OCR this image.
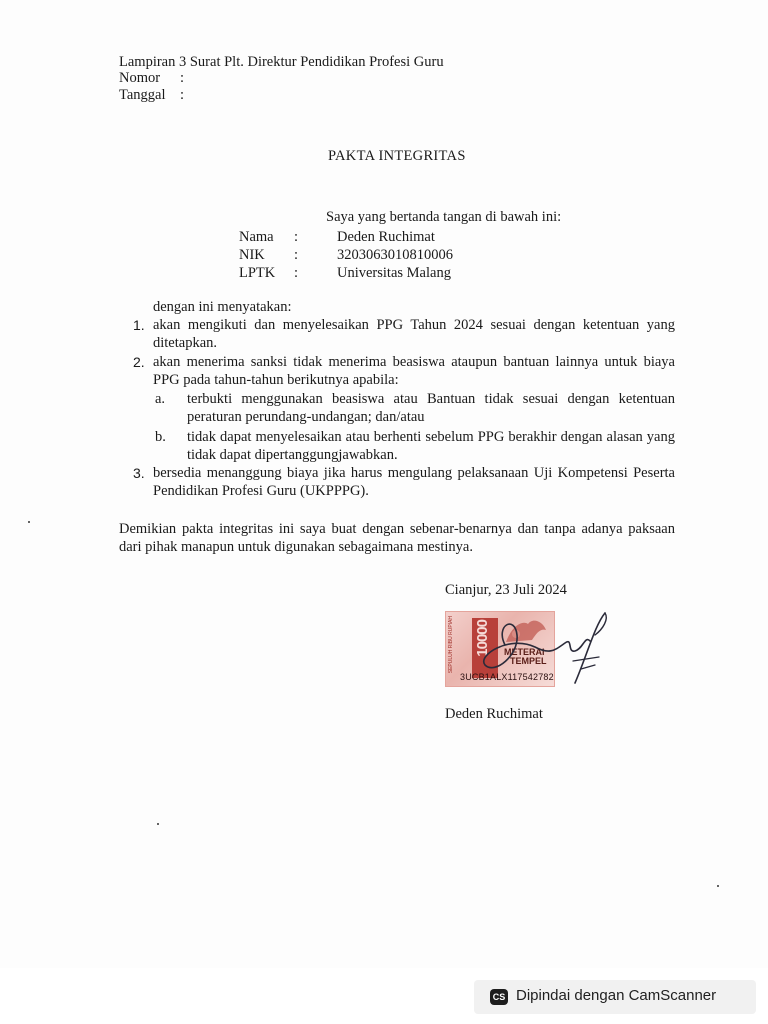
Lampiran 3 Surat Plt. Direktur Pendidikan Profesi Guru
Nomor :
Tanggal :
PAKTA INTEGRITAS
Saya yang bertanda tangan di bawah ini:
Nama :	Deden Ruchimat
NIK :	3203063010810006
LPTK :	Universitas Malang
dengan ini menyatakan:
1. akan mengikuti dan menyelesaikan PPG Tahun 2024 sesuai dengan ketentuan yang ditetapkan.
2. akan menerima sanksi tidak menerima beasiswa ataupun bantuan lainnya untuk biaya PPG pada tahun-tahun berikutnya apabila:
a. terbukti menggunakan beasiswa atau Bantuan tidak sesuai dengan ketentuan peraturan perundang-undangan; dan/atau
b. tidak dapat menyelesaikan atau berhenti sebelum PPG berakhir dengan alasan yang tidak dapat dipertanggungjawabkan.
3. bersedia menanggung biaya jika harus mengulang pelaksanaan Uji Kompetensi Peserta Pendidikan Profesi Guru (UKPPPG).
Demikian pakta integritas ini saya buat dengan sebenar-benarnya dan tanpa adanya paksaan dari pihak manapun untuk digunakan sebagaimana mestinya.
Cianjur, 23 Juli 2024
SEPULUH RIBU RUPIAH 10000 METERAI
TEMPEL
3UCB1ALX117542782
Deden Ruchimat
CS Dipindai dengan CamScanner
